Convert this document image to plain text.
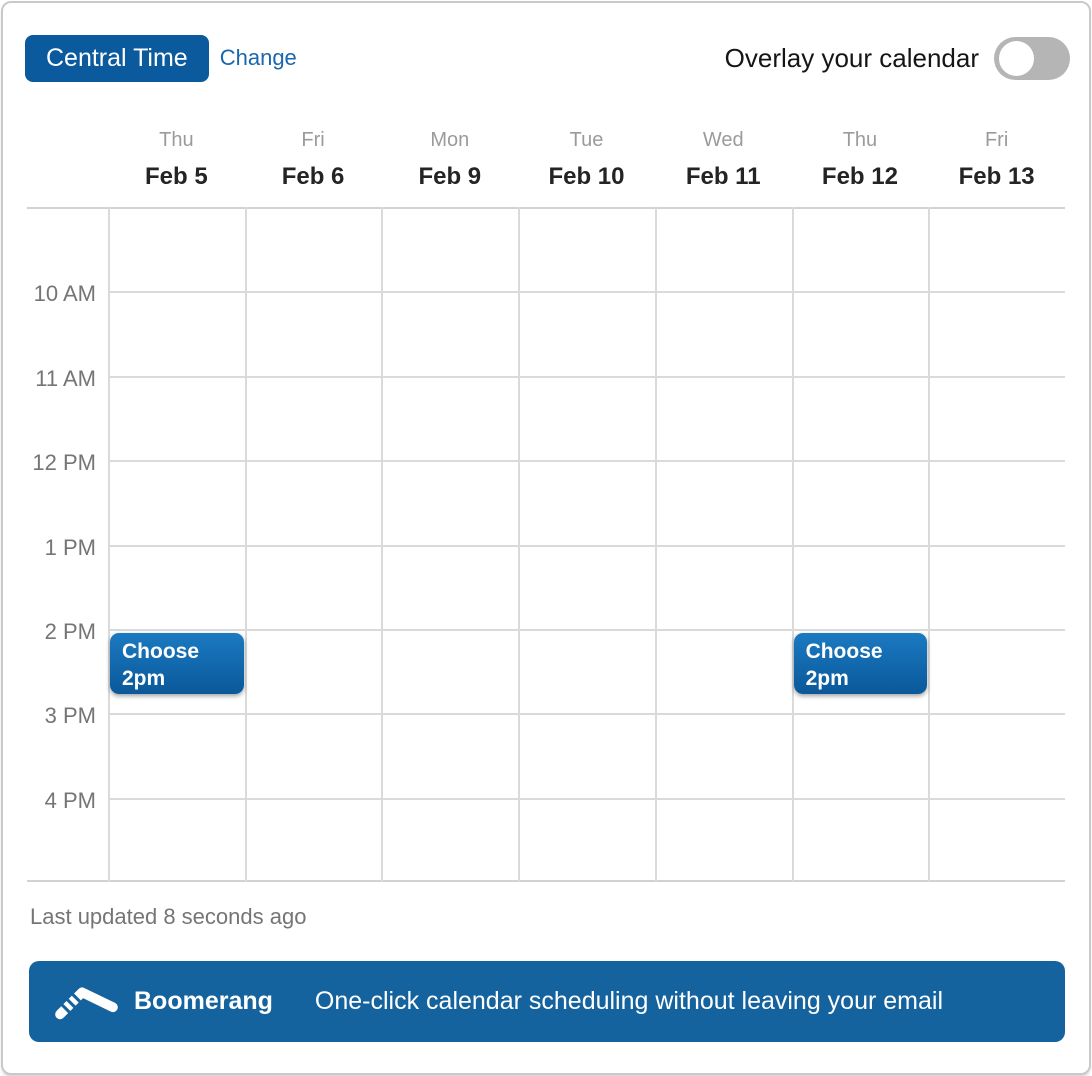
Central Time	Change	Overlay your calendar
Thu
Feb 5
Fri
Feb 6
Mon
Feb 9
Tue
Feb 10
Wed
Feb 11
Thu
Feb 12
Fri
Feb 13
Choose
2pm
Choose
2pm
10 AM
11 AM
12 PM
1 PM
2 PM
3 PM
4 PM
Last updated 8 seconds ago
Boomerang One-click calendar scheduling without leaving your email
